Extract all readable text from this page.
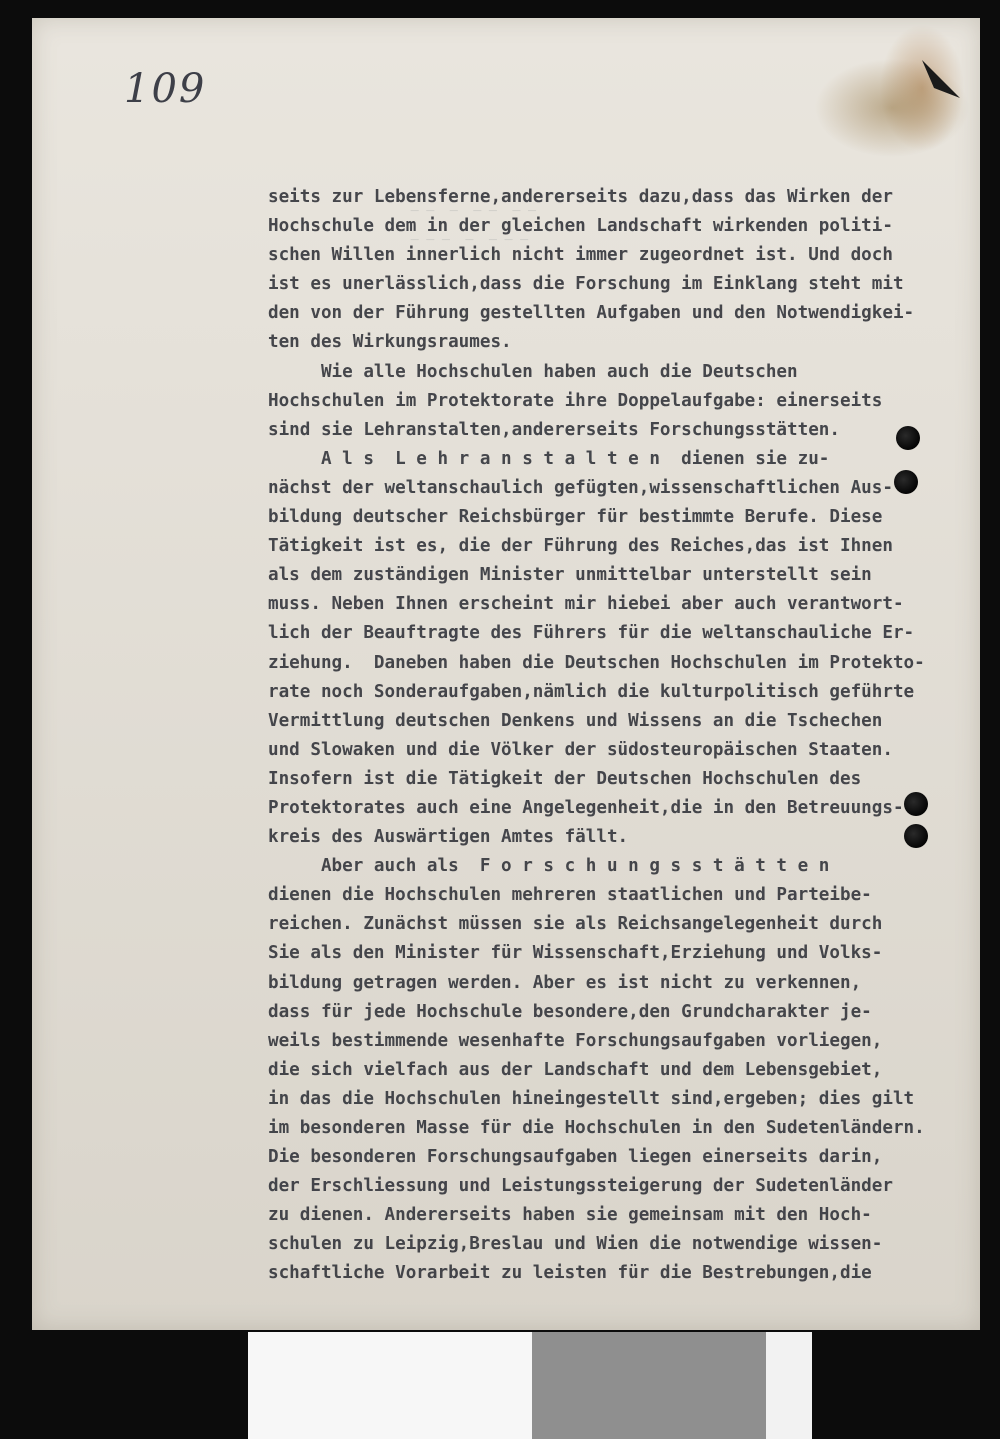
─ ─  ─  ─ ─  ─ ─
─ ─ ─  ─  ─ ─ ─

109
seits zur Lebensferne,andererseits dazu,dass das Wirken der
Hochschule dem in der gleichen Landschaft wirkenden politi-
schen Willen innerlich nicht immer zugeordnet ist. Und doch
ist es unerlässlich,dass die Forschung im Einklang steht mit
den von der Führung gestellten Aufgaben und den Notwendigkei-
ten des Wirkungsraumes.
Wie alle Hochschulen haben auch die Deutschen
Hochschulen im Protektorate ihre Doppelaufgabe: einerseits
sind sie Lehranstalten,andererseits Forschungsstätten.
A l s  L e h r a n s t a l t e n  dienen sie zu-
nächst der weltanschaulich gefügten,wissenschaftlichen Aus-
bildung deutscher Reichsbürger für bestimmte Berufe. Diese
Tätigkeit ist es, die der Führung des Reiches,das ist Ihnen
als dem zuständigen Minister unmittelbar unterstellt sein
muss. Neben Ihnen erscheint mir hiebei aber auch verantwort-
lich der Beauftragte des Führers für die weltanschauliche Er-
ziehung.  Daneben haben die Deutschen Hochschulen im Protekto-
rate noch Sonderaufgaben,nämlich die kulturpolitisch geführte
Vermittlung deutschen Denkens und Wissens an die Tschechen
und Slowaken und die Völker der südosteuropäischen Staaten.
Insofern ist die Tätigkeit der Deutschen Hochschulen des
Protektorates auch eine Angelegenheit,die in den Betreuungs-
kreis des Auswärtigen Amtes fällt.
Aber auch als  F o r s c h u n g s s t ä t t e n
dienen die Hochschulen mehreren staatlichen und Parteibe-
reichen. Zunächst müssen sie als Reichsangelegenheit durch
Sie als den Minister für Wissenschaft,Erziehung und Volks-
bildung getragen werden. Aber es ist nicht zu verkennen,
dass für jede Hochschule besondere,den Grundcharakter je-
weils bestimmende wesenhafte Forschungsaufgaben vorliegen,
die sich vielfach aus der Landschaft und dem Lebensgebiet,
in das die Hochschulen hineingestellt sind,ergeben; dies gilt
im besonderen Masse für die Hochschulen in den Sudetenländern.
Die besonderen Forschungsaufgaben liegen einerseits darin,
der Erschliessung und Leistungssteigerung der Sudetenländer
zu dienen. Andererseits haben sie gemeinsam mit den Hoch-
schulen zu Leipzig,Breslau und Wien die notwendige wissen-
schaftliche Vorarbeit zu leisten für die Bestrebungen,die
